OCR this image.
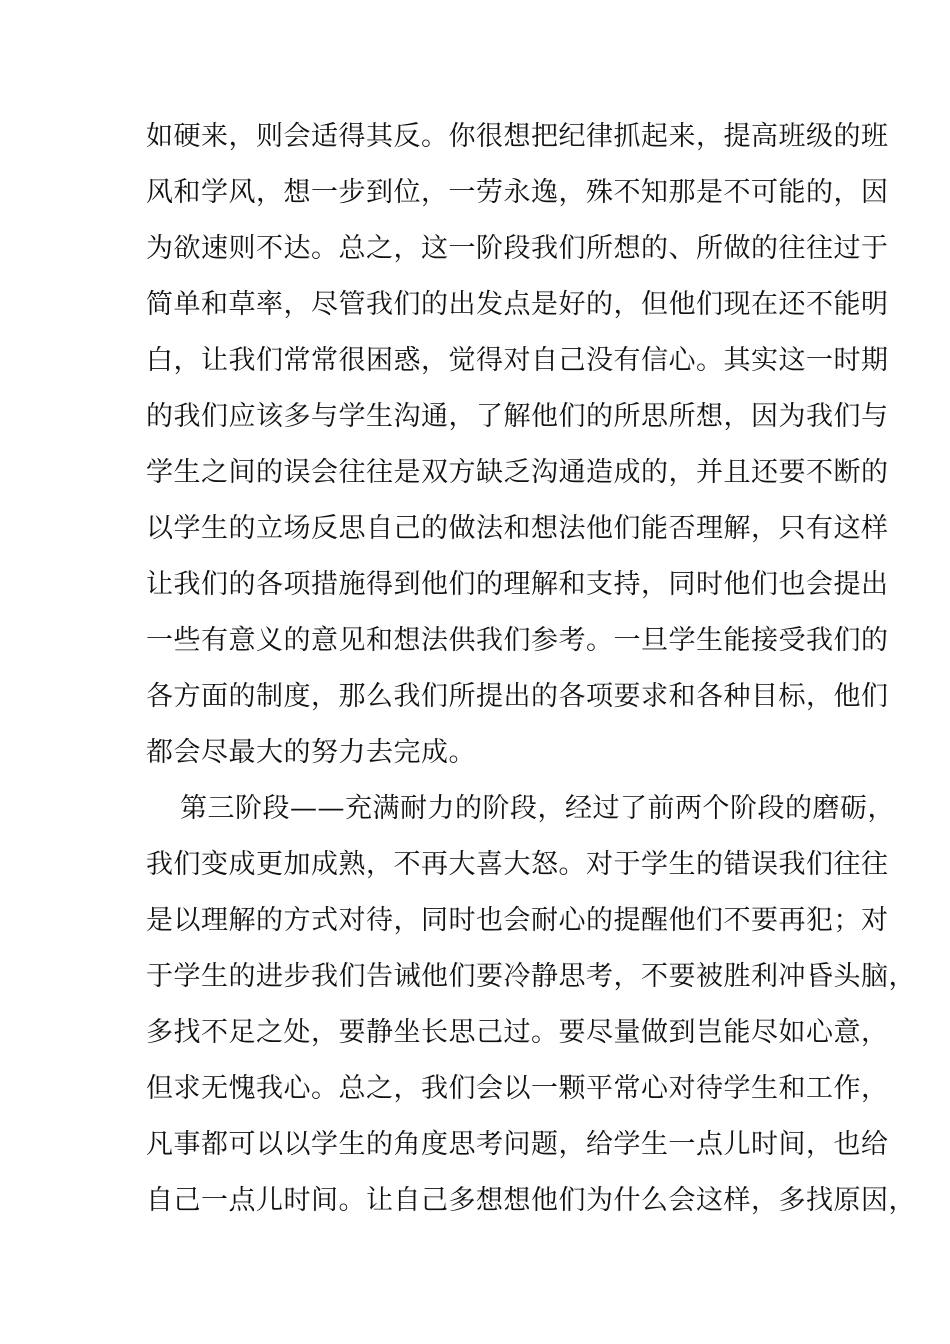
如硬来，则会适得其反。你很想把纪律抓起来，提高班级的班
风和学风，想一步到位，一劳永逸，殊不知那是不可能的，因
为欲速则不达。总之，这一阶段我们所想的、所做的往往过于
简单和草率，尽管我们的出发点是好的，但他们现在还不能明
白，让我们常常很困惑，觉得对自己没有信心。其实这一时期
的我们应该多与学生沟通，了解他们的所思所想，因为我们与
学生之间的误会往往是双方缺乏沟通造成的，并且还要不断的
以学生的立场反思自己的做法和想法他们能否理解，只有这样
让我们的各项措施得到他们的理解和支持，同时他们也会提出
一些有意义的意见和想法供我们参考。一旦学生能接受我们的
各方面的制度，那么我们所提出的各项要求和各种目标，他们
都会尽最大的努力去完成。
第三阶段——充满耐力的阶段，经过了前两个阶段的磨砺，
我们变成更加成熟，不再大喜大怒。对于学生的错误我们往往
是以理解的方式对待，同时也会耐心的提醒他们不要再犯；对
于学生的进步我们告诫他们要冷静思考，不要被胜利冲昏头脑，
多找不足之处，要静坐长思己过。要尽量做到岂能尽如心意，
但求无愧我心。总之，我们会以一颗平常心对待学生和工作，
凡事都可以以学生的角度思考问题，给学生一点儿时间，也给
自己一点儿时间。让自己多想想他们为什么会这样，多找原因，
